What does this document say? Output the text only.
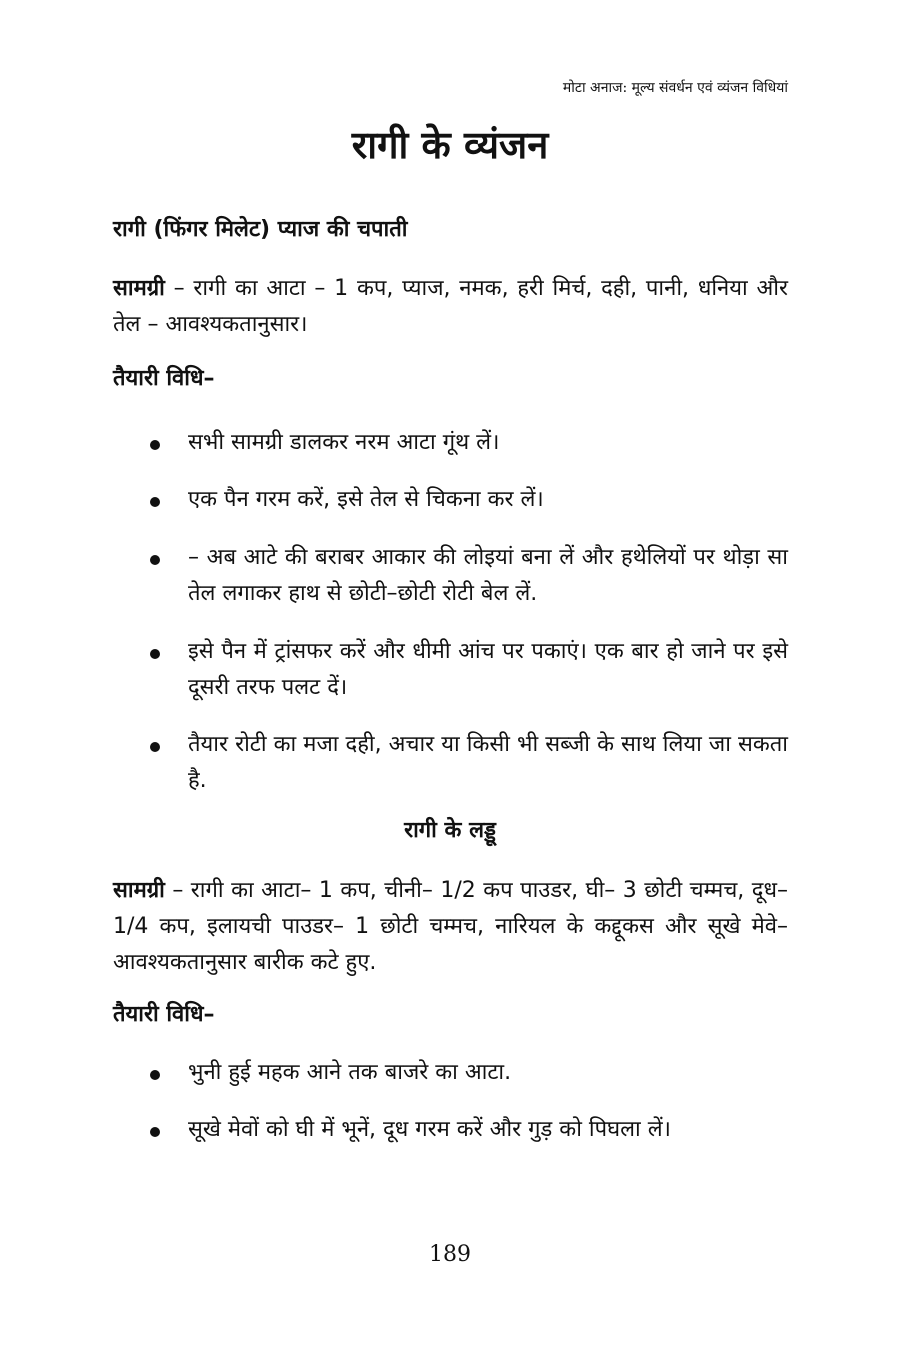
मोटा अनाज: मूल्य संवर्धन एवं व्यंजन विधियां
रागी के व्यंजन
रागी (फिंगर मिलेट) प्याज की चपाती
सामग्री – रागी का आटा – 1 कप, प्याज, नमक, हरी मिर्च, दही, पानी, धनिया और तेल – आवश्यकतानुसार।
तैयारी विधि–
सभी सामग्री डालकर नरम आटा गूंथ लें।
एक पैन गरम करें, इसे तेल से चिकना कर लें।
– अब आटे की बराबर आकार की लोइयां बना लें और हथेलियों पर थोड़ा सा तेल लगाकर हाथ से छोटी–छोटी रोटी बेल लें.
इसे पैन में ट्रांसफर करें और धीमी आंच पर पकाएं। एक बार हो जाने पर इसे दूसरी तरफ पलट दें।
तैयार रोटी का मजा दही, अचार या किसी भी सब्जी के साथ लिया जा सकता है.
रागी के लड्डू
सामग्री – रागी का आटा– 1 कप, चीनी– 1/2 कप पाउडर, घी– 3 छोटी चम्मच, दूध– 1/4 कप, इलायची पाउडर– 1 छोटी चम्मच, नारियल के कद्दूकस और सूखे मेवे– आवश्यकतानुसार बारीक कटे हुए.
तैयारी विधि–
भुनी हुई महक आने तक बाजरे का आटा.
सूखे मेवों को घी में भूनें, दूध गरम करें और गुड़ को पिघला लें।
189
